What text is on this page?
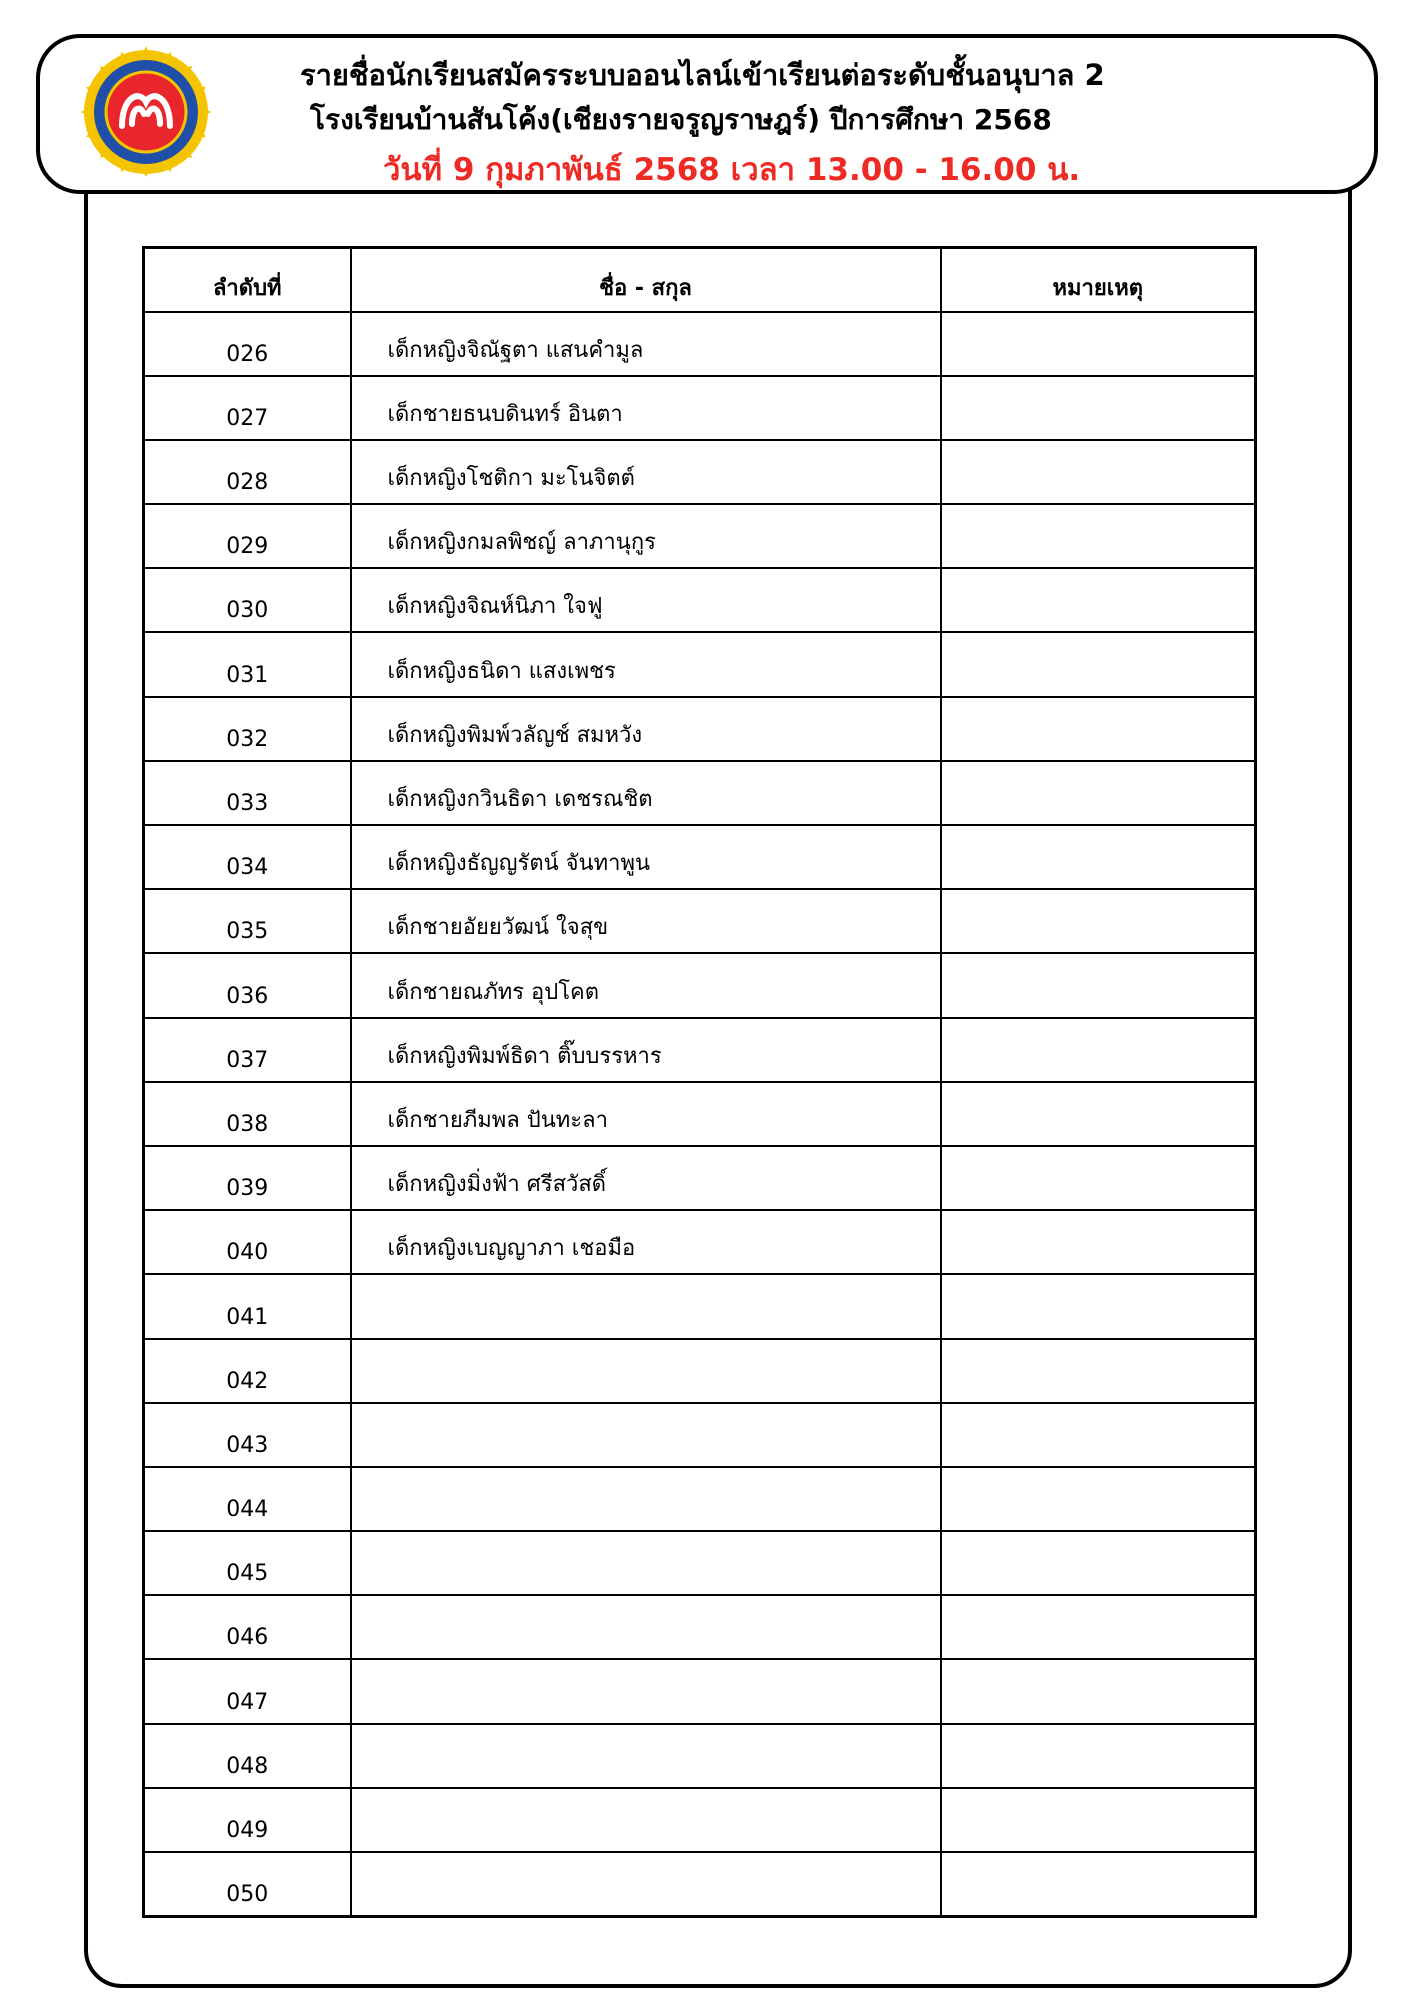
รายชื่อนักเรียนสมัครระบบออนไลน์เข้าเรียนต่อระดับชั้นอนุบาล 2

โรงเรียนบ้านสันโค้ง(เชียงรายจรูญราษฎร์) ปีการศึกษา 2568

วันที่ 9 กุมภาพันธ์ 2568 เวลา 13.00 - 16.00 น.

ลำดับที่	ชื่อ - สกุล	หมายเหตุ
026	เด็กหญิงจิณัฐตา แสนคำมูล	
027	เด็กชายธนบดินทร์ อินตา	
028	เด็กหญิงโชติกา มะโนจิตต์	
029	เด็กหญิงกมลพิชญ์ ลาภานุกูร	
030	เด็กหญิงจิณห์นิภา ใจฟู	
031	เด็กหญิงธนิดา แสงเพชร	
032	เด็กหญิงพิมพ์วลัญช์ สมหวัง	
033	เด็กหญิงกวินธิดา เดชรณชิต	
034	เด็กหญิงธัญญรัตน์ จันทาพูน	
035	เด็กชายอัยยวัฒน์ ใจสุข	
036	เด็กชายณภัทร อุปโคต	
037	เด็กหญิงพิมพ์ธิดา ติ๊บบรรหาร	
038	เด็กชายภีมพล ปันทะลา	
039	เด็กหญิงมิ่งฟ้า ศรีสวัสดิ์	
040	เด็กหญิงเบญญาภา เชอมือ	
041		
042		
043		
044		
045		
046		
047		
048		
049		
050		
